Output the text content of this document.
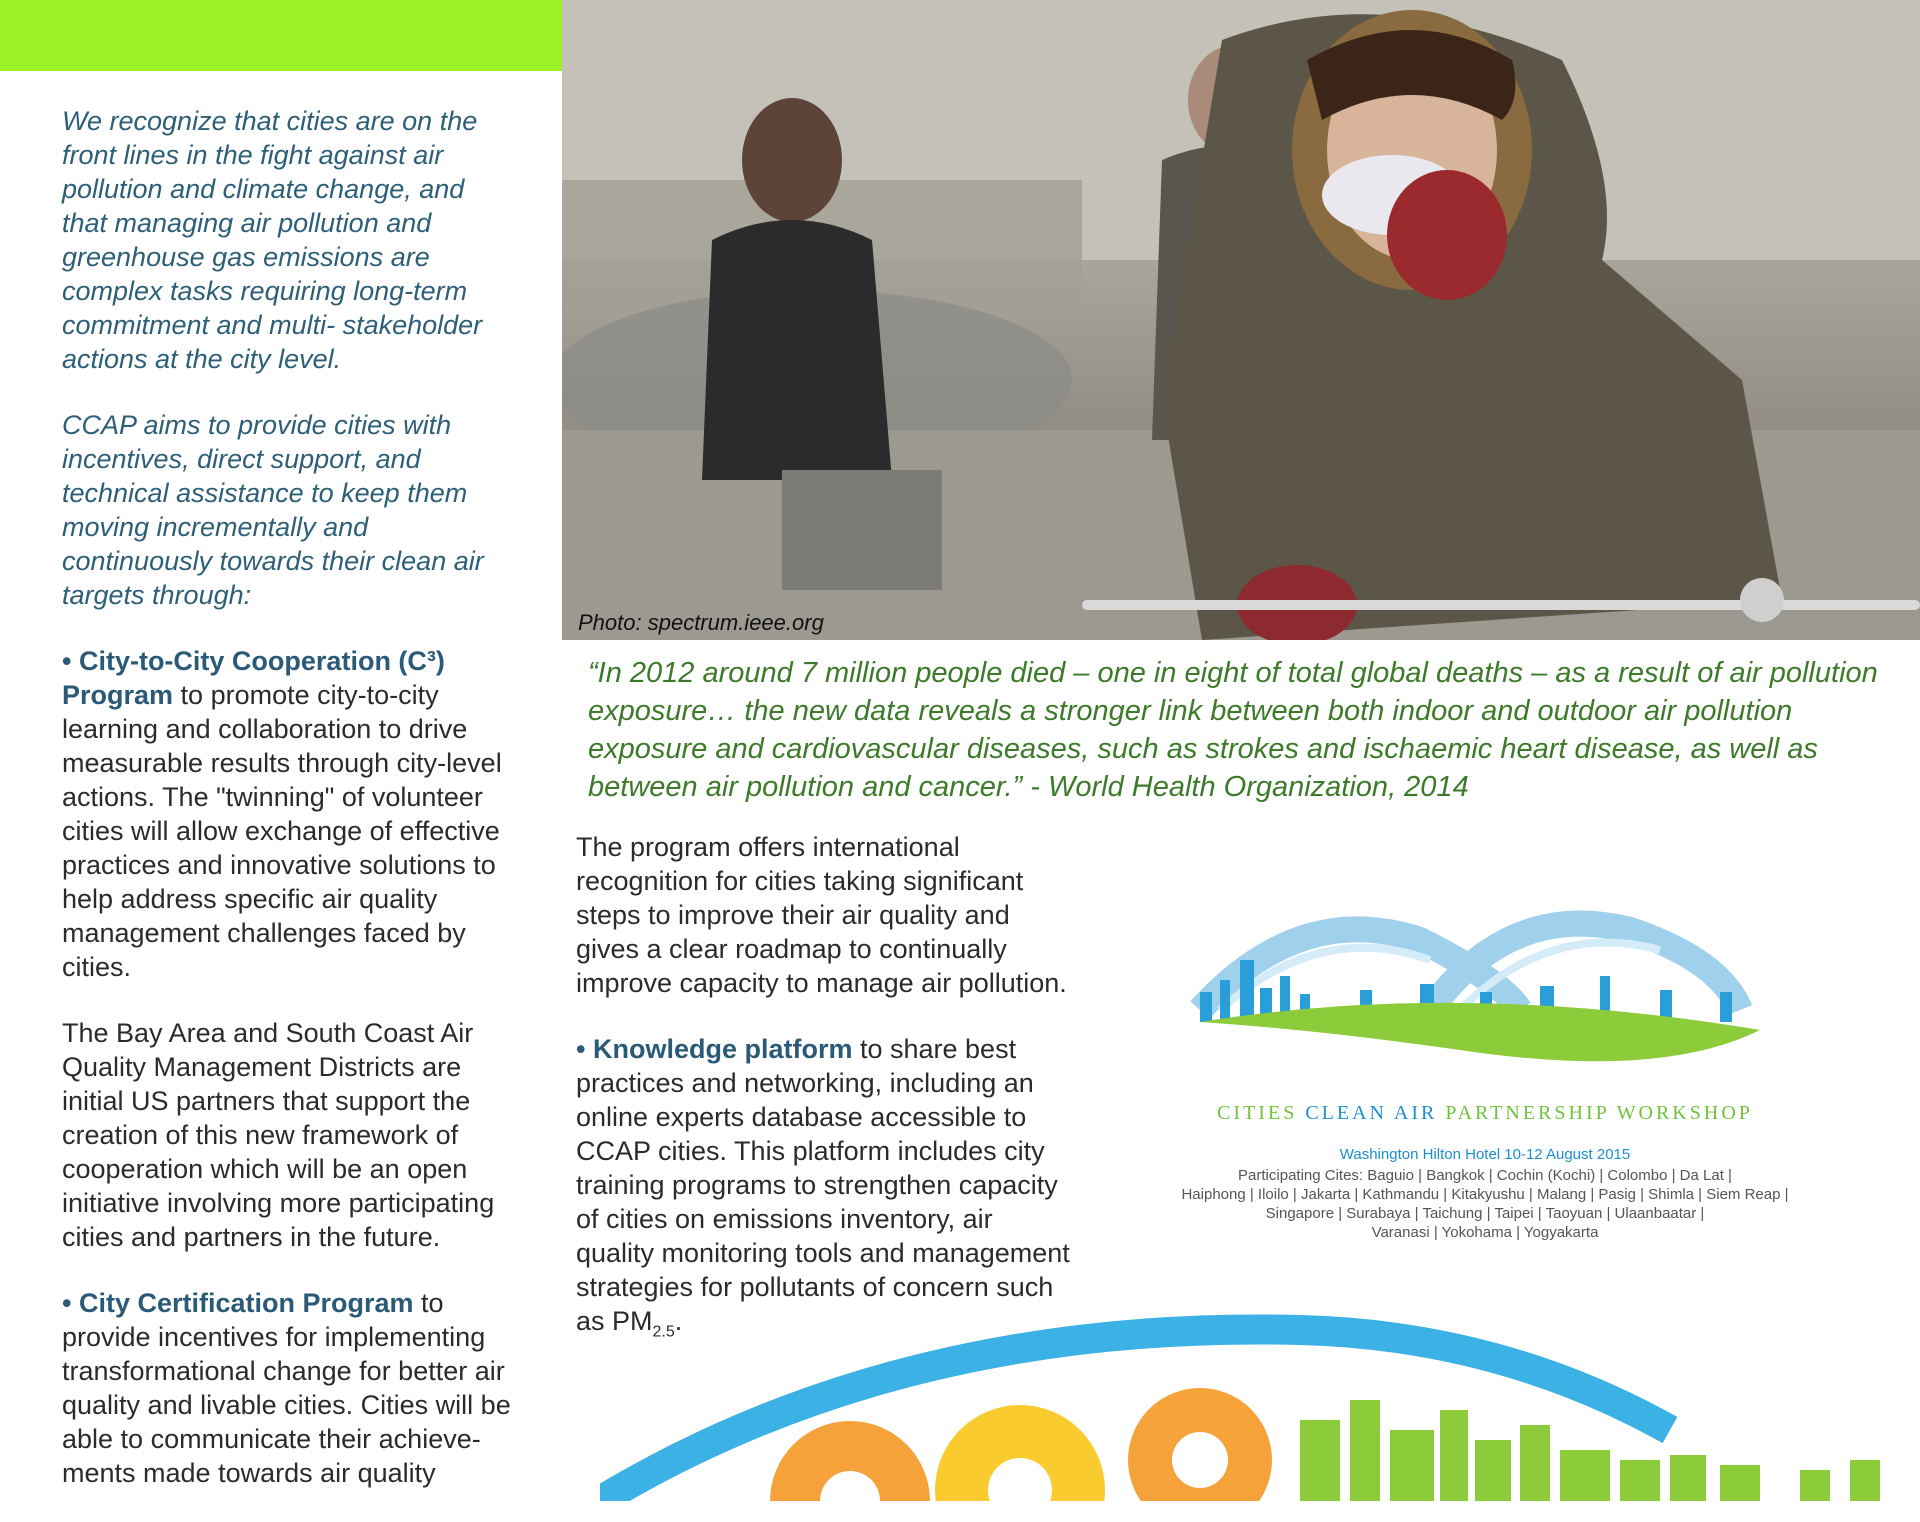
We recognize that cities are on the front lines in the fight against air pollution and climate change, and that managing air pollution and greenhouse gas emissions are complex tasks requiring long-term commitment and multi- stakeholder actions at the city level.

CCAP aims to provide cities with incentives, direct support, and technical assistance to keep them moving incrementally and continuously towards their clean air targets through:

• City-to-City Cooperation (C³) Program to promote city-to-city learning and collaboration to drive measurable results through city-level actions. The "twinning" of volunteer cities will allow exchange of effective practices and innovative solutions to help address specific air quality management challenges faced by cities.

The Bay Area and South Coast Air Quality Management Districts are initial US partners that support the creation of this new framework of cooperation which will be an open initiative involving more participating cities and partners in the future.

• City Certification Program to provide incentives for implementing transformational change for better air quality and livable cities. Cities will be able to communicate their achieve-ments made towards air quality

Photo: spectrum.ieee.org
“In 2012 around 7 million people died – one in eight of total global deaths – as a result of air pollution exposure… the new data reveals a stronger link between both indoor and outdoor air pollution exposure and cardiovascular diseases, such as strokes and ischaemic heart disease, as well as between air pollution and cancer.” - World Health Organization, 2014

The program offers international recognition for cities taking significant steps to improve their air quality and gives a clear roadmap to continually improve capacity to manage air pollution.

• Knowledge platform to share best practices and networking, including an online experts database accessible to CCAP cities. This platform includes city training programs to strengthen capacity of cities on emissions inventory, air quality monitoring tools and management strategies for pollutants of concern such as $PM_{2.5}$.

CITIES CLEAN AIR PARTNERSHIP WORKSHOP
Washington Hilton Hotel 10-12 August 2015
Participating Cites: Baguio | Bangkok | Cochin (Kochi) | Colombo | Da Lat |
Haiphong | Iloilo | Jakarta | Kathmandu | Kitakyushu | Malang | Pasig | Shimla | Siem Reap |
Singapore | Surabaya | Taichung | Taipei | Taoyuan | Ulaanbaatar |
Varanasi | Yokohama | Yogyakarta
